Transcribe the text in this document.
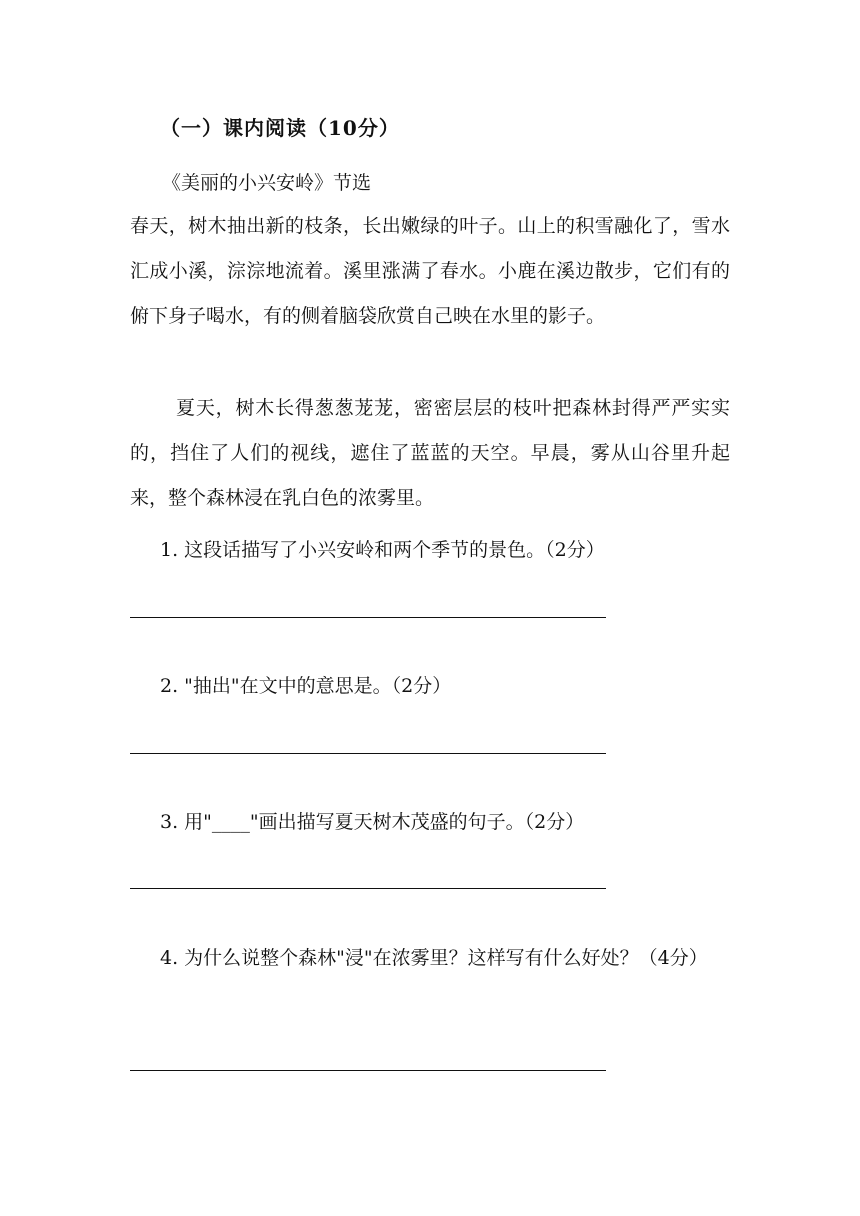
（一）课内阅读（10分）
《美丽的小兴安岭》节选

春天，树木抽出新的枝条，长出嫩绿的叶子。山上的积雪融化了，雪水汇成小溪，淙淙地流着。溪里涨满了春水。小鹿在溪边散步，它们有的俯下身子喝水，有的侧着脑袋欣赏自己映在水里的影子。

夏天，树木长得葱葱茏茏，密密层层的枝叶把森林封得严严实实的，挡住了人们的视线，遮住了蓝蓝的天空。早晨，雾从山谷里升起来，整个森林浸在乳白色的浓雾里。

1. 这段话描写了小兴安岭和两个季节的景色。（2分）

2. "抽出"在文中的意思是。（2分）

3. 用"____"画出描写夏天树木茂盛的句子。（2分）

4. 为什么说整个森林"浸"在浓雾里？这样写有什么好处？（4分）
